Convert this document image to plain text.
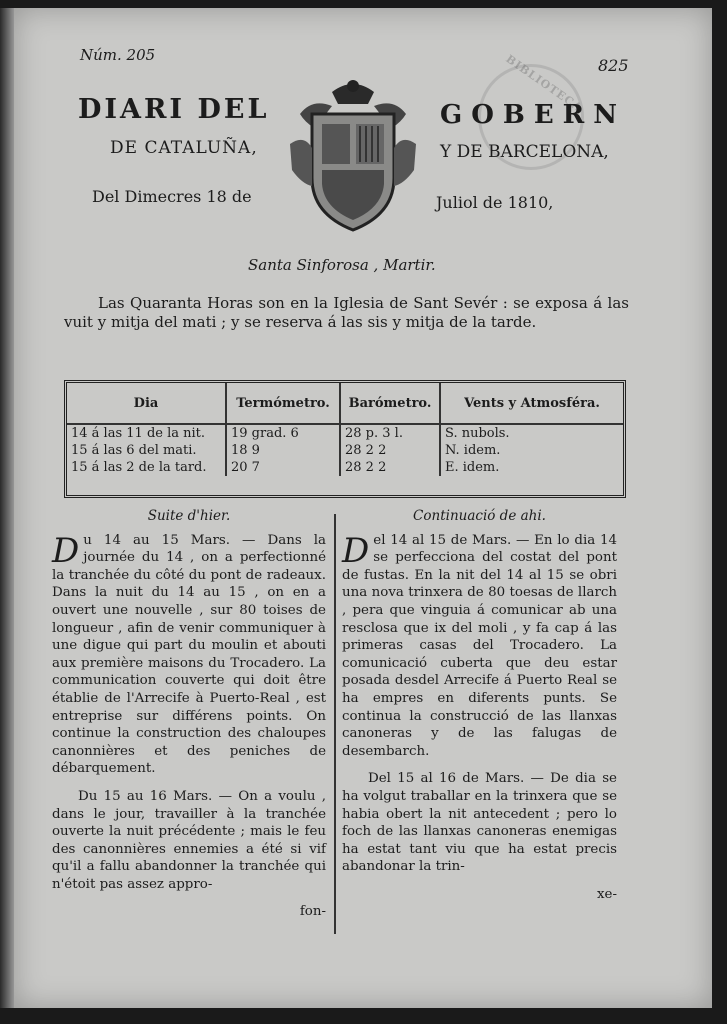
Núm. 205
825
BIBLIOTECA
DIARI DEL	GOBERN
DE CATALUÑA,	Y DE BARCELONA,
Del Dimecres 18 de	Juliol de 1810,
Santa Sinforosa , Martir.
Las Quaranta Horas son en la Iglesia de Sant Sevér : se exposa á las vuit y mitja del mati ; y se reserva á las sis y mitja de la tarde.
Dia	Termómetro.	Barómetro.	Vents y Atmosféra.
14 á las 11 de la nit.	19 grad. 6	28 p. 3 l.	S. nubols.
15 á las 6 del mati.	18 9	28 2 2	N. idem.
15 á las 2 de la tard.	20 7	28 2 2	E. idem.
Suite d'hier.

Du 14 au 15 Mars. — Dans la journée du 14 , on a perfectionné la tranchée du côté du pont de radeaux. Dans la nuit du 14 au 15 , on en a ouvert une nouvelle , sur 80 toises de longueur , afin de venir communiquer à une digue qui part du moulin et abouti aux première maisons du Trocadero. La communication couverte qui doit être établie de l'Arrecife à Puerto-Real , est entreprise sur différens points. On continue la construction des chaloupes canonnières et des peniches de débarquement.

Du 15 au 16 Mars. — On a voulu , dans le jour, travailler à la tranchée ouverte la nuit précédente ; mais le feu des canonnières ennemies a été si vif qu'il a fallu abandonner la tranchée qui n'étoit pas assez appro-

fon-
Continuació de ahi.

Del 14 al 15 de Mars. — En lo dia 14 se perfecciona del costat del pont de fustas. En la nit del 14 al 15 se obri una nova trinxera de 80 toesas de llarch , pera que vinguia á comunicar ab una resclosa que ix del moli , y fa cap á las primeras casas del Trocadero. La comunicació cuberta que deu estar posada desdel Arrecife á Puerto Real se ha empres en diferents punts. Se continua la construcció de las llanxas canoneras y de las falugas de desembarch.

Del 15 al 16 de Mars. — De dia se ha volgut traballar en la trinxera que se habia obert la nit antecedent ; pero lo foch de las llanxas canoneras enemigas ha estat tant viu que ha estat precis abandonar la trin-

xe-
